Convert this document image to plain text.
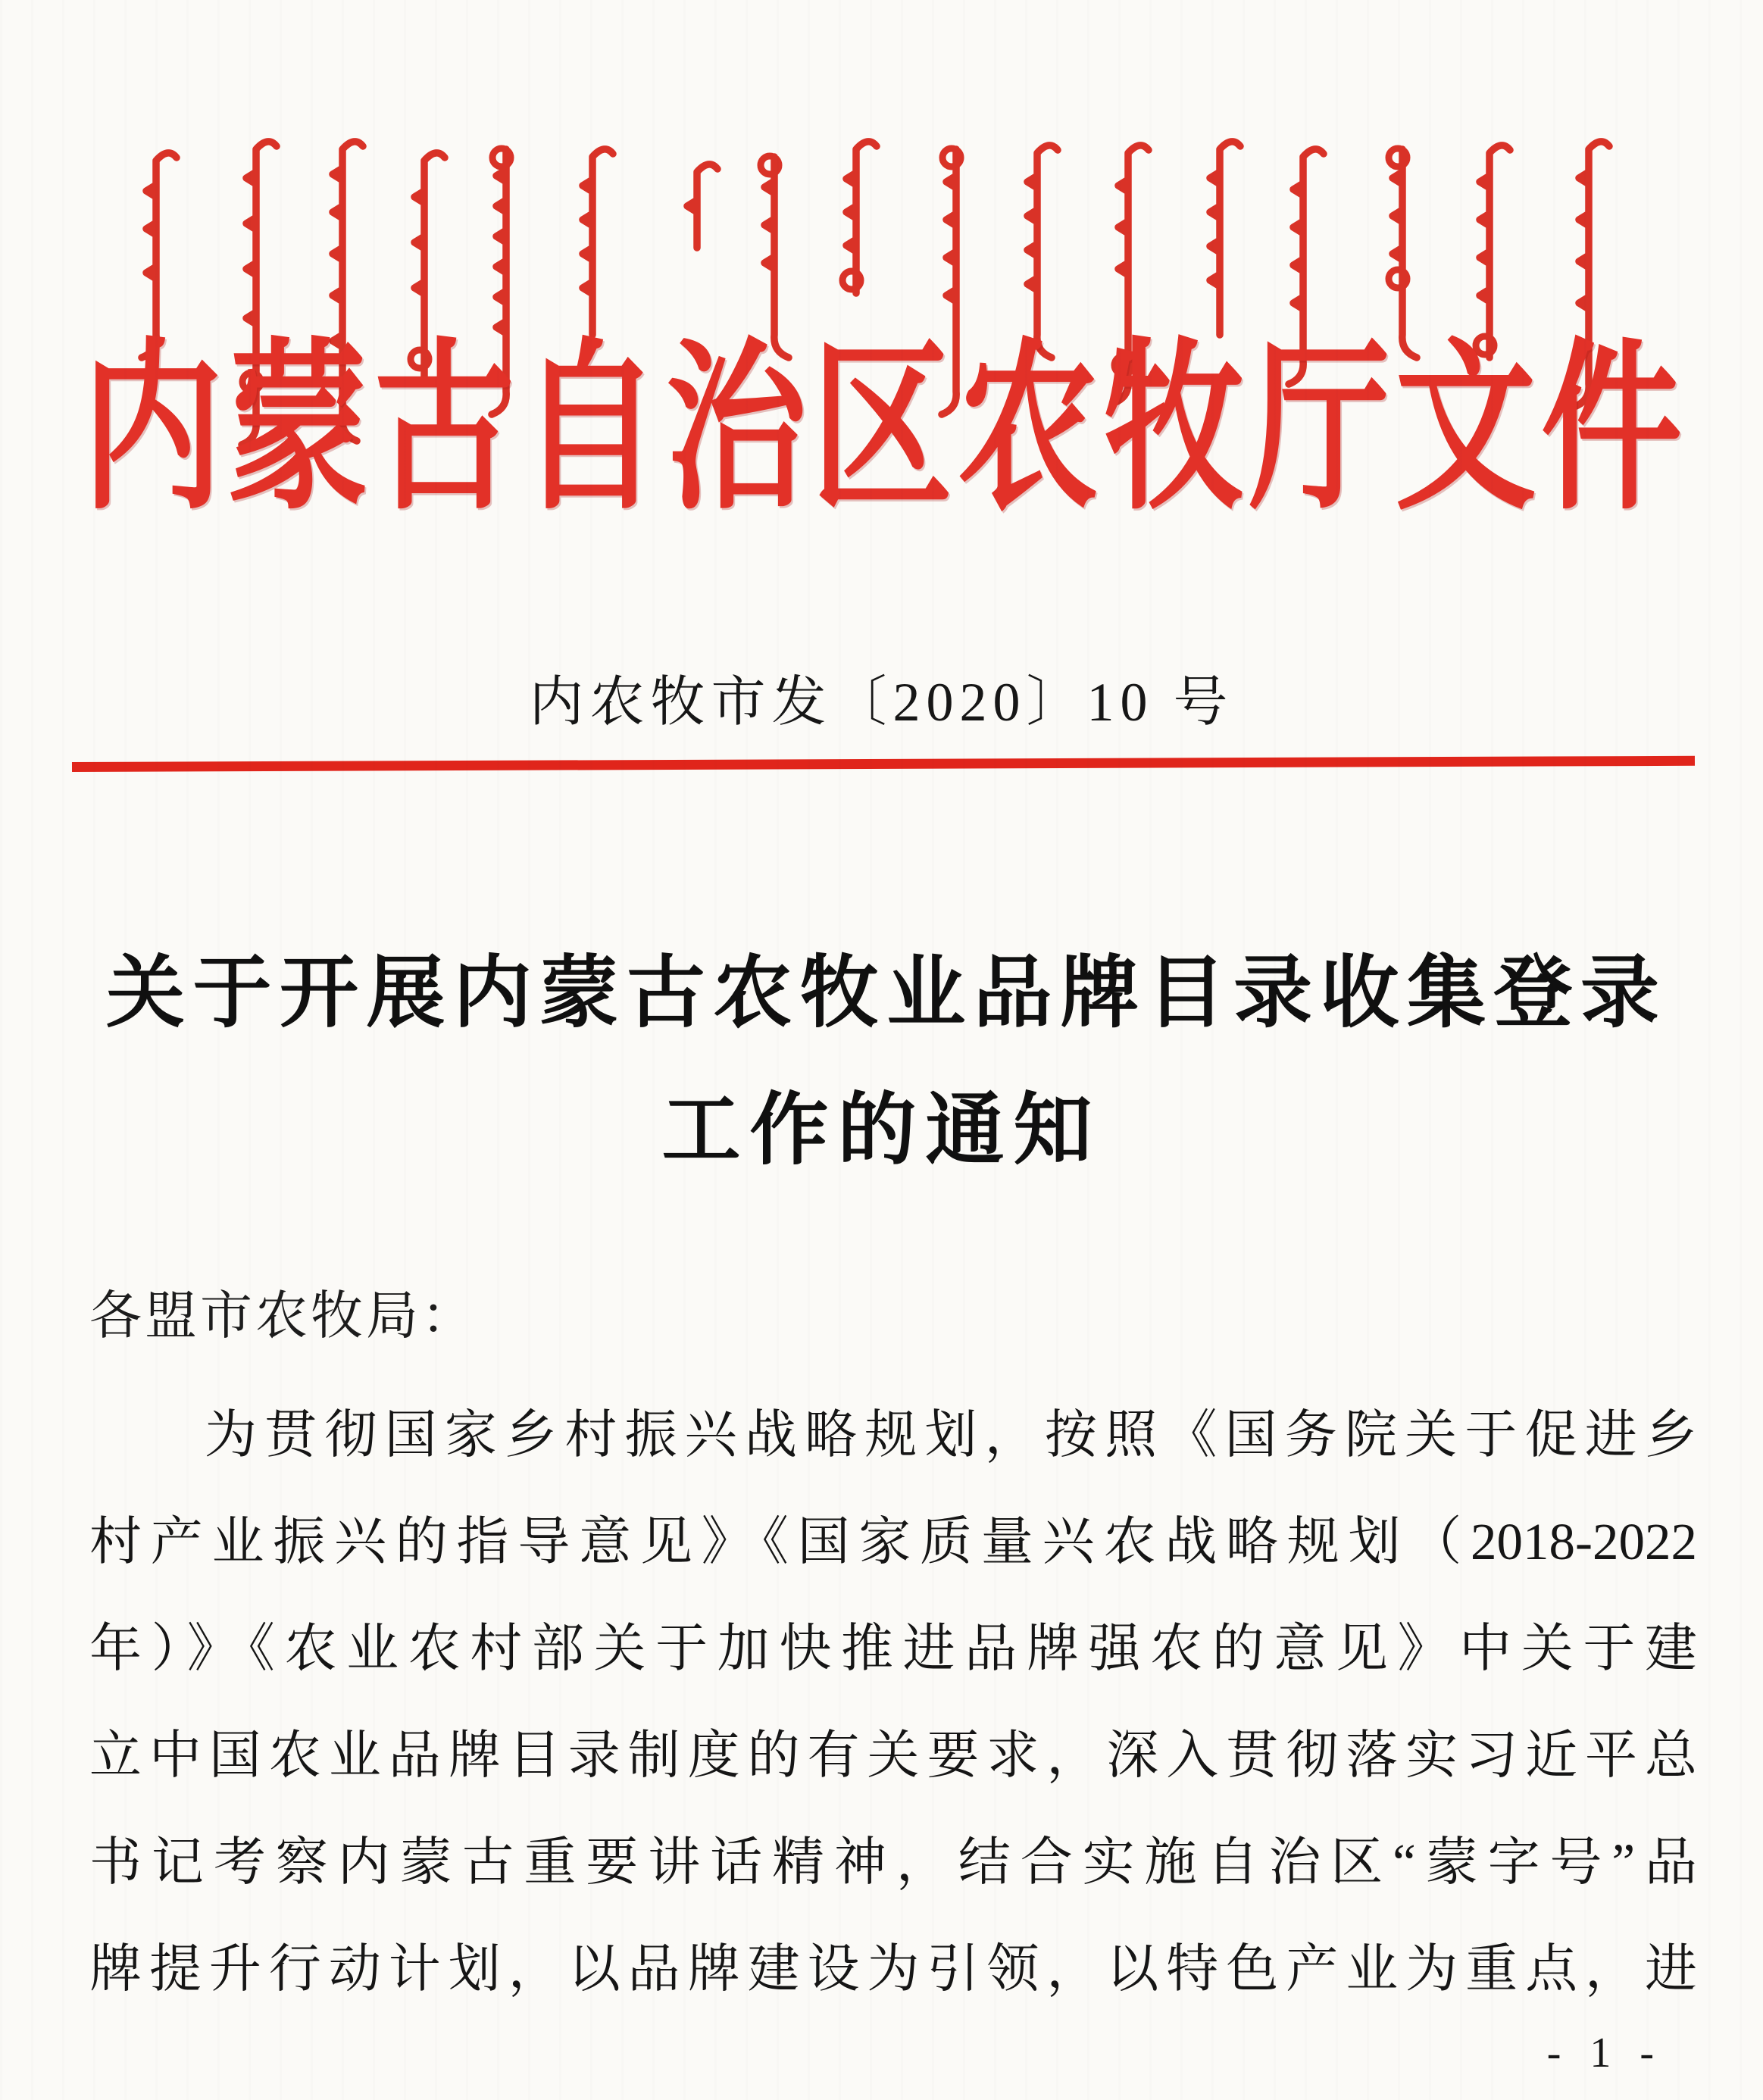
内蒙古自治区农牧厅文件
内农牧市发〔2020〕10 号
关于开展内蒙古农牧业品牌目录收集登录
工作的通知
各盟市农牧局：
为贯彻国家乡村振兴战略规划，按照《国务院关于促进乡
村产业振兴的指导意见》《国家质量兴农战略规划（2018-2022
年）》《农业农村部关于加快推进品牌强农的意见》中关于建
立中国农业品牌目录制度的有关要求，深入贯彻落实习近平总
书记考察内蒙古重要讲话精神，结合实施自治区“蒙字号”品
牌提升行动计划，以品牌建设为引领，以特色产业为重点，进
- 1 -
